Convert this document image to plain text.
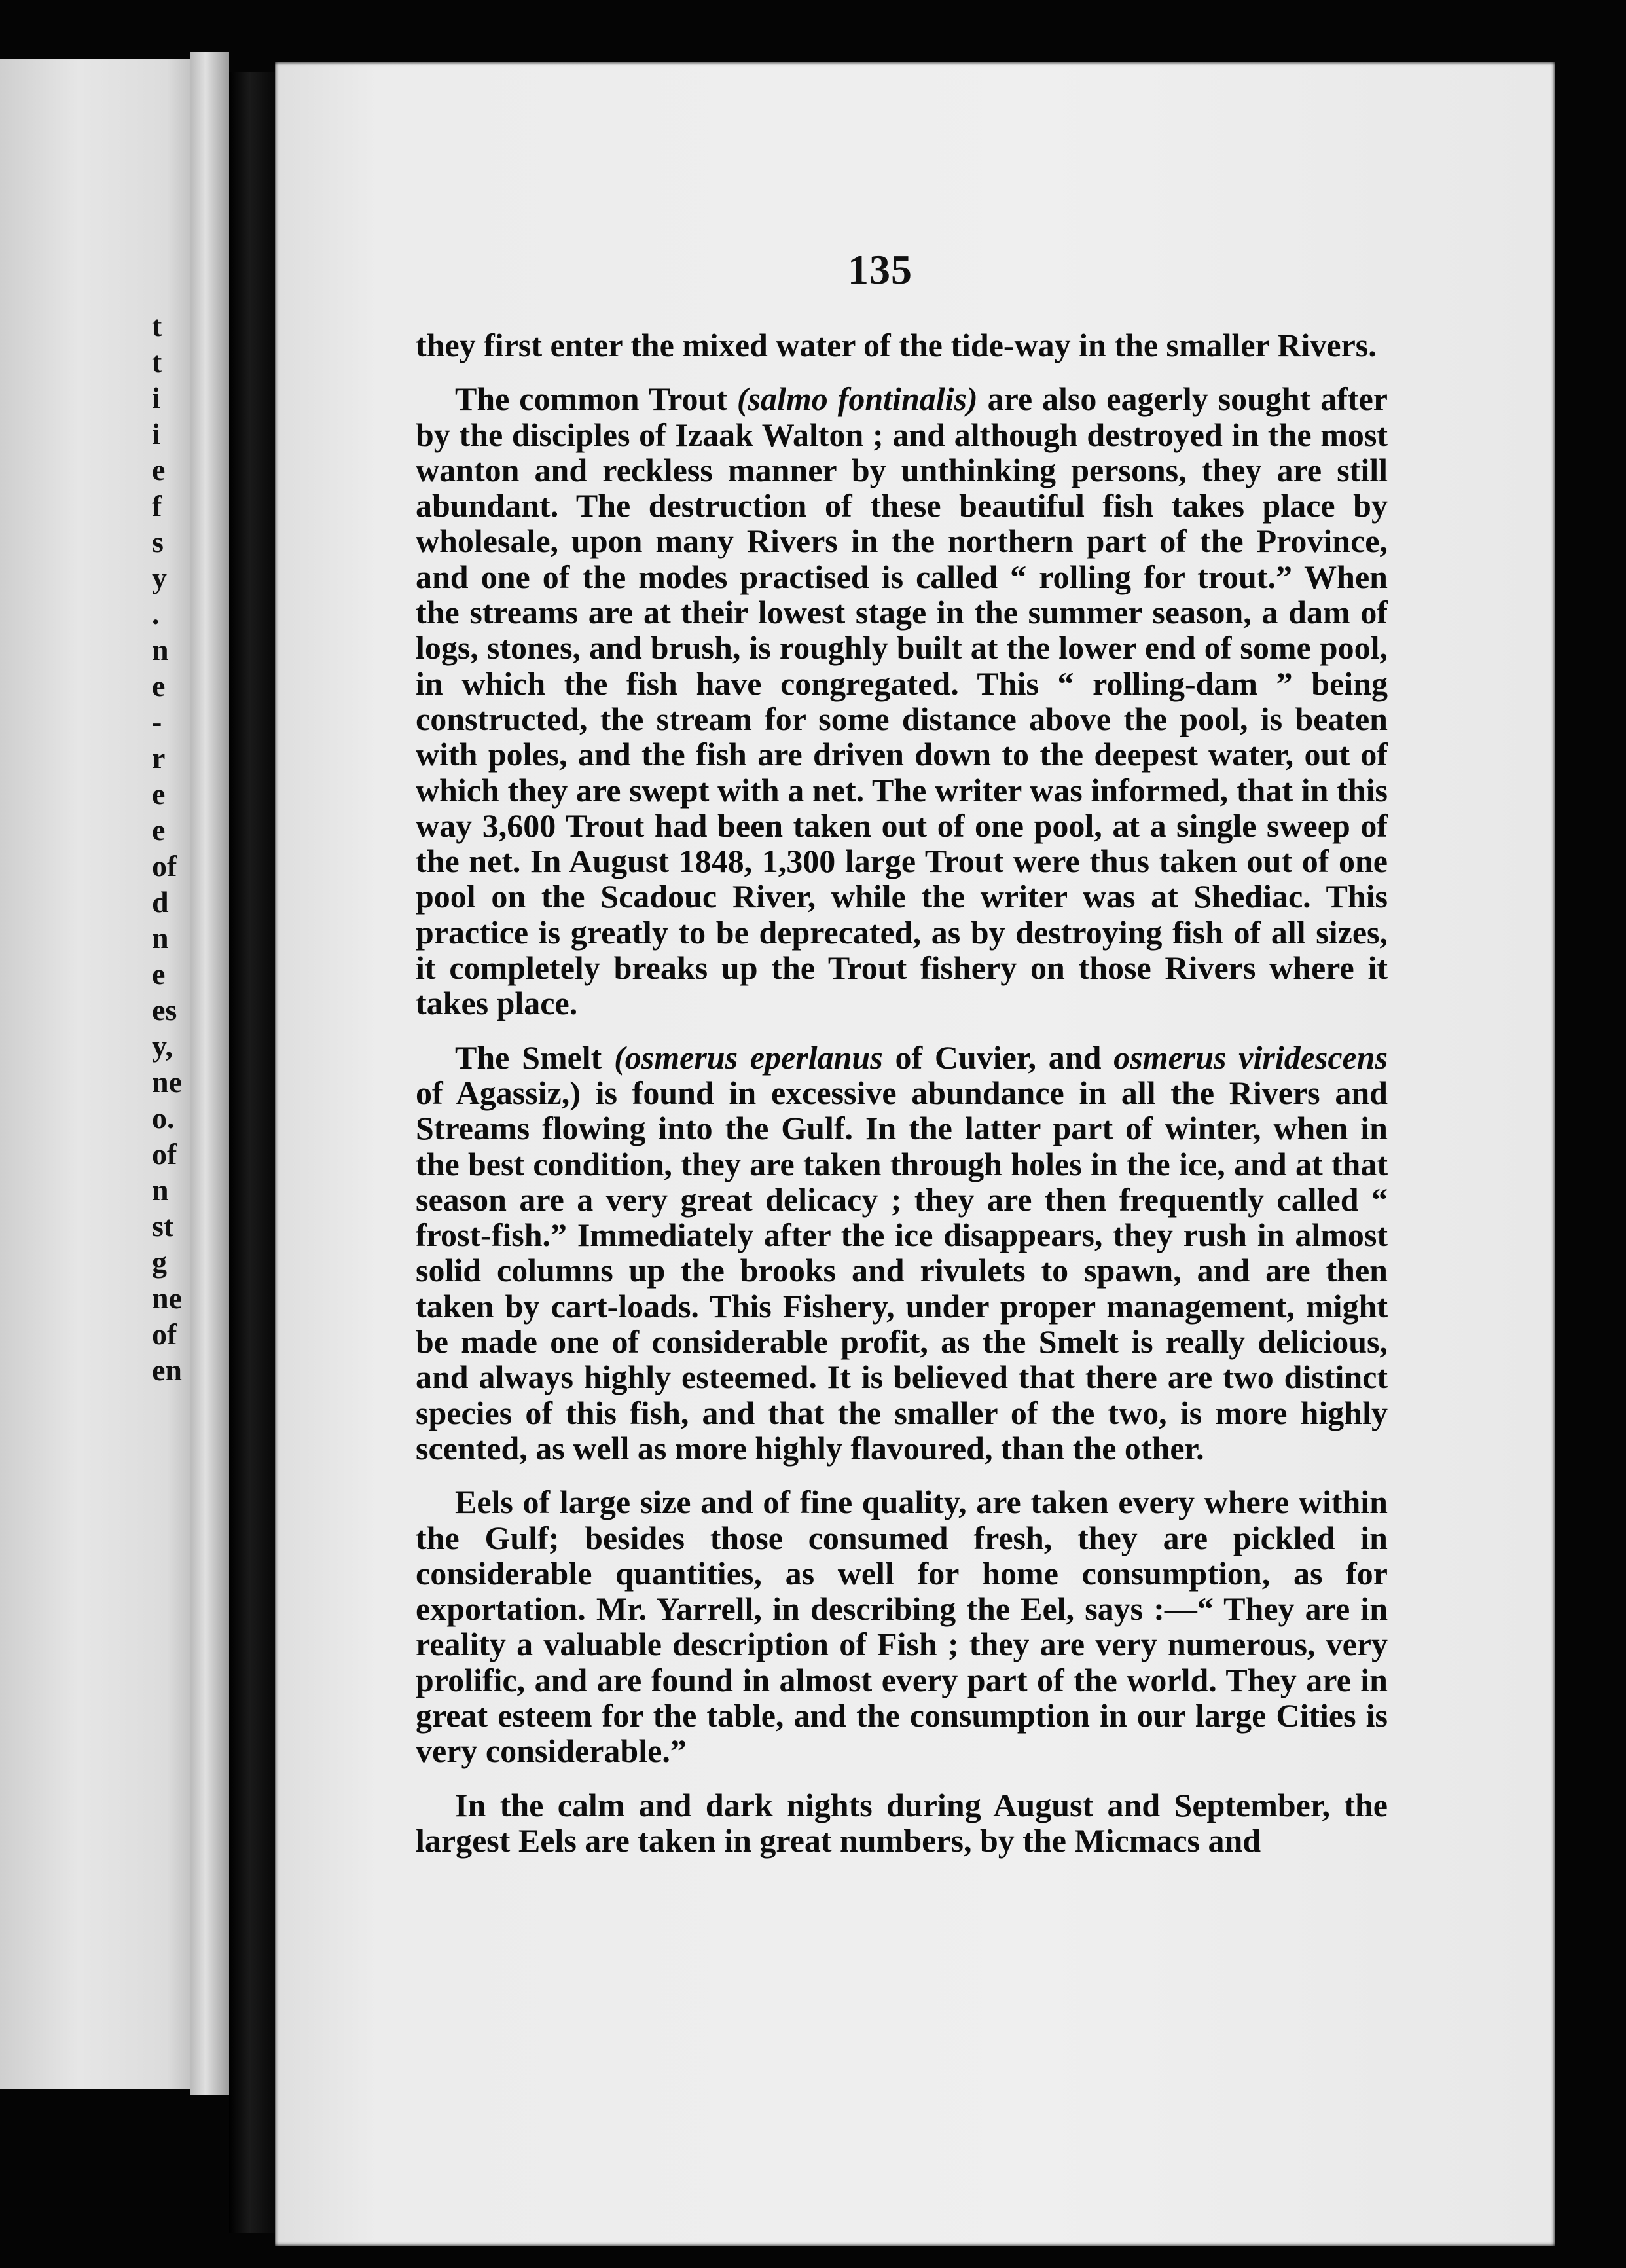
t
t
i
i
e
f
s
y
.
n
e
-
r
e
e
of
d
n
e
es
y,
ne
o.
of
n
st
g
ne
of
en
135

they first enter the mixed water of the tide-way in the smaller Rivers.

The common Trout (salmo fontinalis) are also eagerly sought after by the disciples of Izaak Walton ; and although destroyed in the most wanton and reckless manner by unthinking persons, they are still abundant. The destruction of these beautiful fish takes place by wholesale, upon many Rivers in the northern part of the Province, and one of the modes practised is called “ rolling for trout.” When the streams are at their lowest stage in the summer season, a dam of logs, stones, and brush, is roughly built at the lower end of some pool, in which the fish have congregated. This “ rolling-dam ” being constructed, the stream for some distance above the pool, is beaten with poles, and the fish are driven down to the deepest water, out of which they are swept with a net. The writer was informed, that in this way 3,600 Trout had been taken out of one pool, at a single sweep of the net. In August 1848, 1,300 large Trout were thus taken out of one pool on the Scadouc River, while the writer was at Shediac. This practice is greatly to be deprecated, as by destroying fish of all sizes, it completely breaks up the Trout fishery on those Rivers where it takes place.

The Smelt (osmerus eperlanus of Cuvier, and osmerus viridescens of Agassiz,) is found in excessive abundance in all the Rivers and Streams flowing into the Gulf. In the latter part of winter, when in the best condition, they are taken through holes in the ice, and at that season are a very great delicacy ; they are then frequently called “ frost-fish.” Immediately after the ice disappears, they rush in almost solid columns up the brooks and rivulets to spawn, and are then taken by cart-loads. This Fishery, under proper management, might be made one of considerable profit, as the Smelt is really delicious, and always highly esteemed. It is believed that there are two distinct species of this fish, and that the smaller of the two, is more highly scented, as well as more highly flavoured, than the other.

Eels of large size and of fine quality, are taken every where within the Gulf; besides those consumed fresh, they are pickled in considerable quantities, as well for home consumption, as for exportation. Mr. Yarrell, in describing the Eel, says :—“ They are in reality a valuable description of Fish ; they are very numerous, very prolific, and are found in almost every part of the world. They are in great esteem for the table, and the consumption in our large Cities is very considerable.”

In the calm and dark nights during August and September, the largest Eels are taken in great numbers, by the Micmacs and
